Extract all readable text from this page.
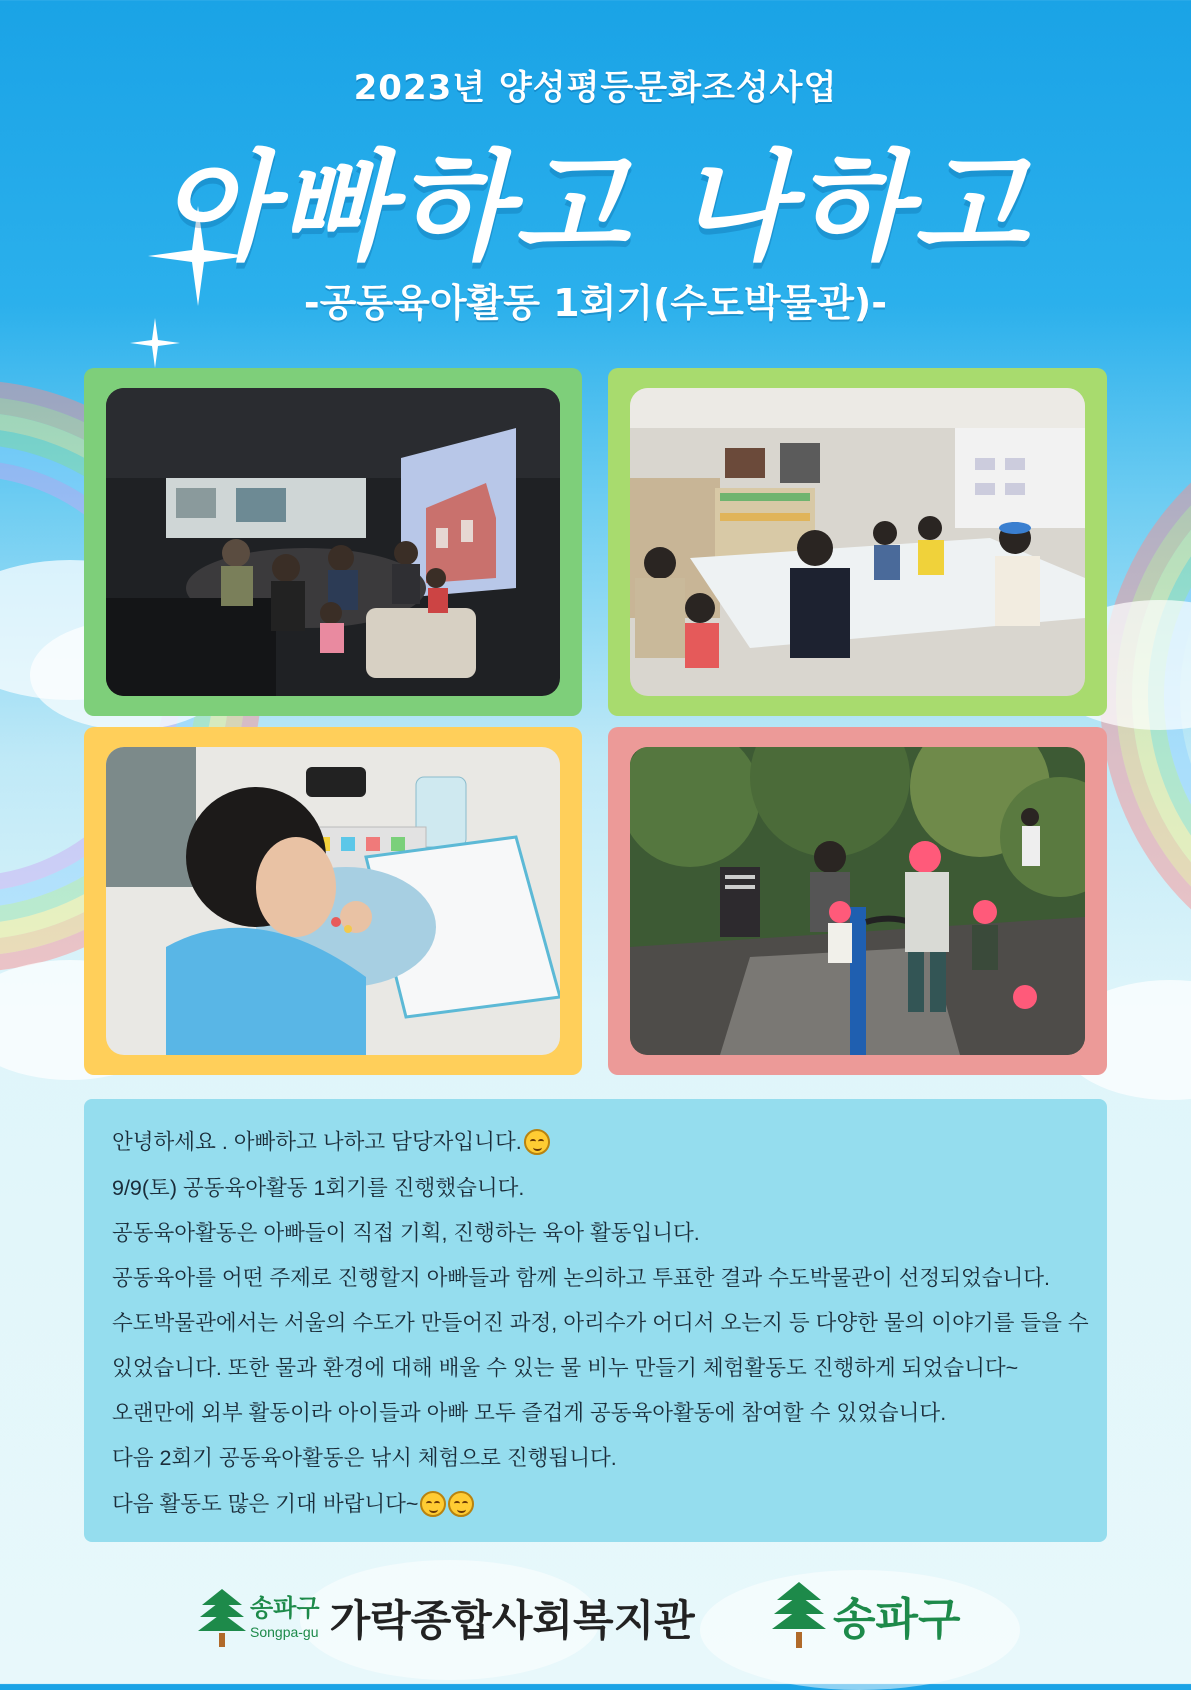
2023년 양성평등문화조성사업
아빠하고 나하고
-공동육아활동 1회기(수도박물관)-
안녕하세요 . 아빠하고 나하고 담당자입니다.
9/9(토) 공동육아활동 1회기를 진행했습니다.
공동육아활동은 아빠들이 직접 기획, 진행하는 육아 활동입니다.
공동육아를 어떤 주제로 진행할지 아빠들과 함께 논의하고 투표한 결과 수도박물관이 선정되었습니다.
수도박물관에서는 서울의 수도가 만들어진 과정, 아리수가 어디서 오는지 등 다양한 물의 이야기를 들을 수
있었습니다. 또한 물과 환경에 대해 배울 수 있는 물 비누 만들기 체험활동도 진행하게 되었습니다~
오랜만에 외부 활동이라 아이들과 아빠 모두 즐겁게 공동육아활동에 참여할 수 있었습니다.
다음 2회기 공동육아활동은 낚시 체험으로 진행됩니다.
다음 활동도 많은 기대 바랍니다~
송파구
Songpa-gu 가락종합사회복지관	송파구
